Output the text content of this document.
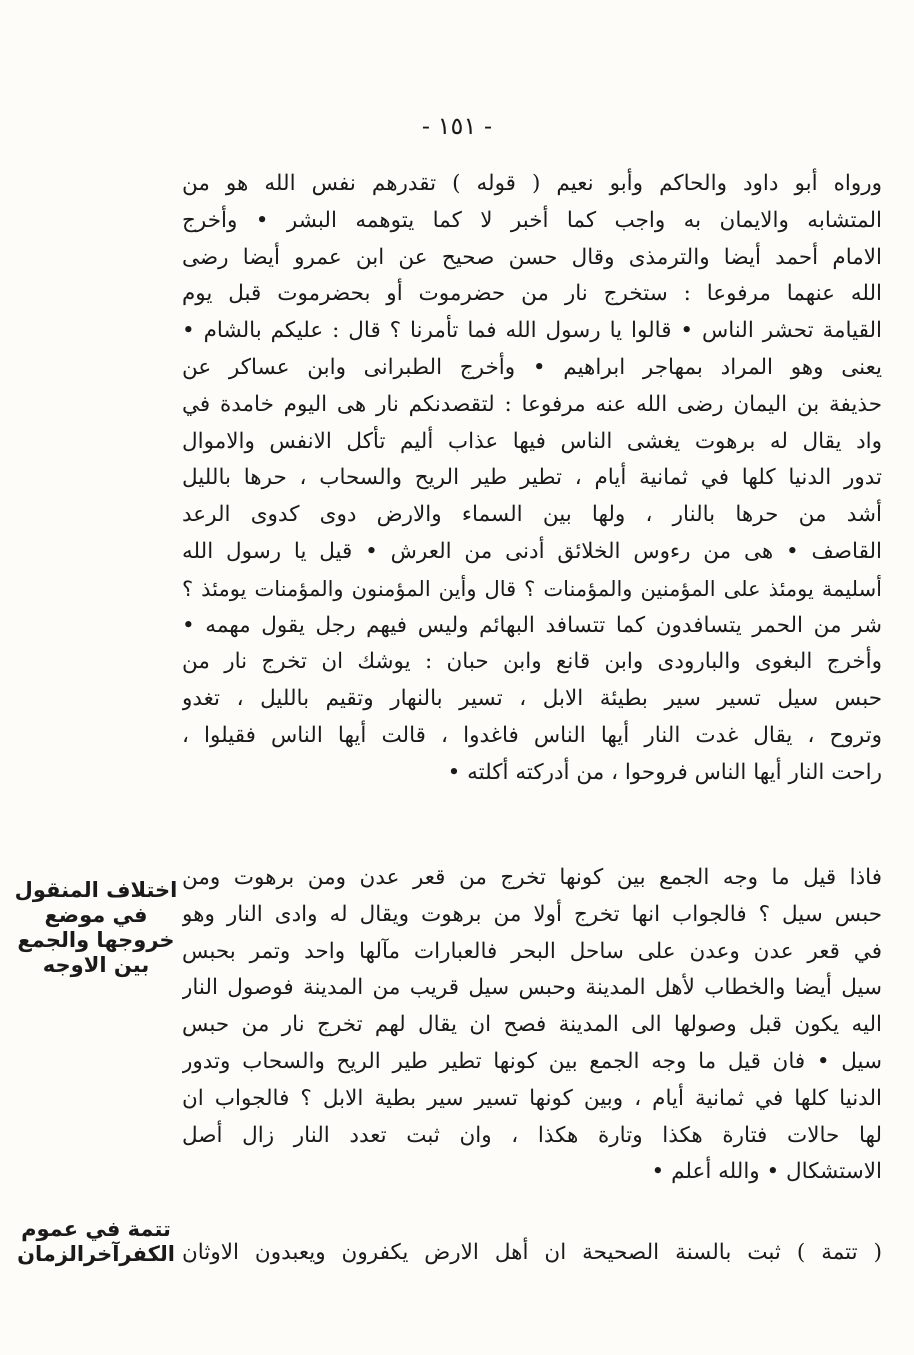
- ١٥١ -
ورواه أبو داود والحاكم وأبو نعيم ( قوله ) تقدرهم نفس الله هو من
المتشابه والايمان به واجب كما أخبر لا كما يتوهمه البشر • وأخرج
الامام أحمد أيضا والترمذى وقال حسن صحيح عن ابن عمرو أيضا رضى
الله عنهما مرفوعا : ستخرج نار من حضرموت أو بحضرموت قبل يوم
القيامة تحشر الناس • قالوا يا رسول الله فما تأمرنا ؟ قال : عليكم بالشام •
يعنى وهو المراد بمهاجر ابراهيم • وأخرج الطبرانى وابن عساكر عن
حذيفة بن اليمان رضى الله عنه مرفوعا : لتقصدنكم نار هى اليوم خامدة في
واد يقال له برهوت يغشى الناس فيها عذاب أليم تأكل الانفس والاموال
تدور الدنيا كلها في ثمانية أيام ، تطير طير الريح والسحاب ، حرها بالليل
أشد من حرها بالنار ، ولها بين السماء والارض دوى كدوى الرعد
القاصف • هى من رءوس الخلائق أدنى من العرش • قيل يا رسول الله
أسليمة يومئذ على المؤمنين والمؤمنات ؟ قال وأين المؤمنون والمؤمنات يومئذ ؟
شر من الحمر يتسافدون كما تتسافد البهائم وليس فيهم رجل يقول مهمه •
وأخرج البغوى والبارودى وابن قانع وابن حبان : يوشك ان تخرج نار من
حبس سيل تسير سير بطيئة الابل ، تسير بالنهار وتقيم بالليل ، تغدو
وتروح ، يقال غدت النار أيها الناس فاغدوا ، قالت أيها الناس فقيلوا ،
راحت النار أيها الناس فروحوا ، من أدركته أكلته •
فاذا قيل ما وجه الجمع بين كونها تخرج من قعر عدن ومن برهوت ومن
حبس سيل ؟ فالجواب انها تخرج أولا من برهوت ويقال له وادى النار وهو
في قعر عدن وعدن على ساحل البحر فالعبارات مآلها واحد وتمر بحبس
سيل أيضا والخطاب لأهل المدينة وحبس سيل قريب من المدينة فوصول النار
اليه يكون قبل وصولها الى المدينة فصح ان يقال لهم تخرج نار من حبس
سيل • فان قيل ما وجه الجمع بين كونها تطير طير الريح والسحاب وتدور
الدنيا كلها في ثمانية أيام ، وبين كونها تسير سير بطية الابل ؟ فالجواب ان
لها حالات فتارة هكذا وتارة هكذا ، وان ثبت تعدد النار زال أصل
الاستشكال • والله أعلم •
( تتمة ) ثبت بالسنة الصحيحة ان أهل الارض يكفرون ويعبدون الاوثان
اختلاف المنقول
في موضع
خروجها والجمع
بين الاوجه
تتمة في عموم
الكفرآخرالزمان
